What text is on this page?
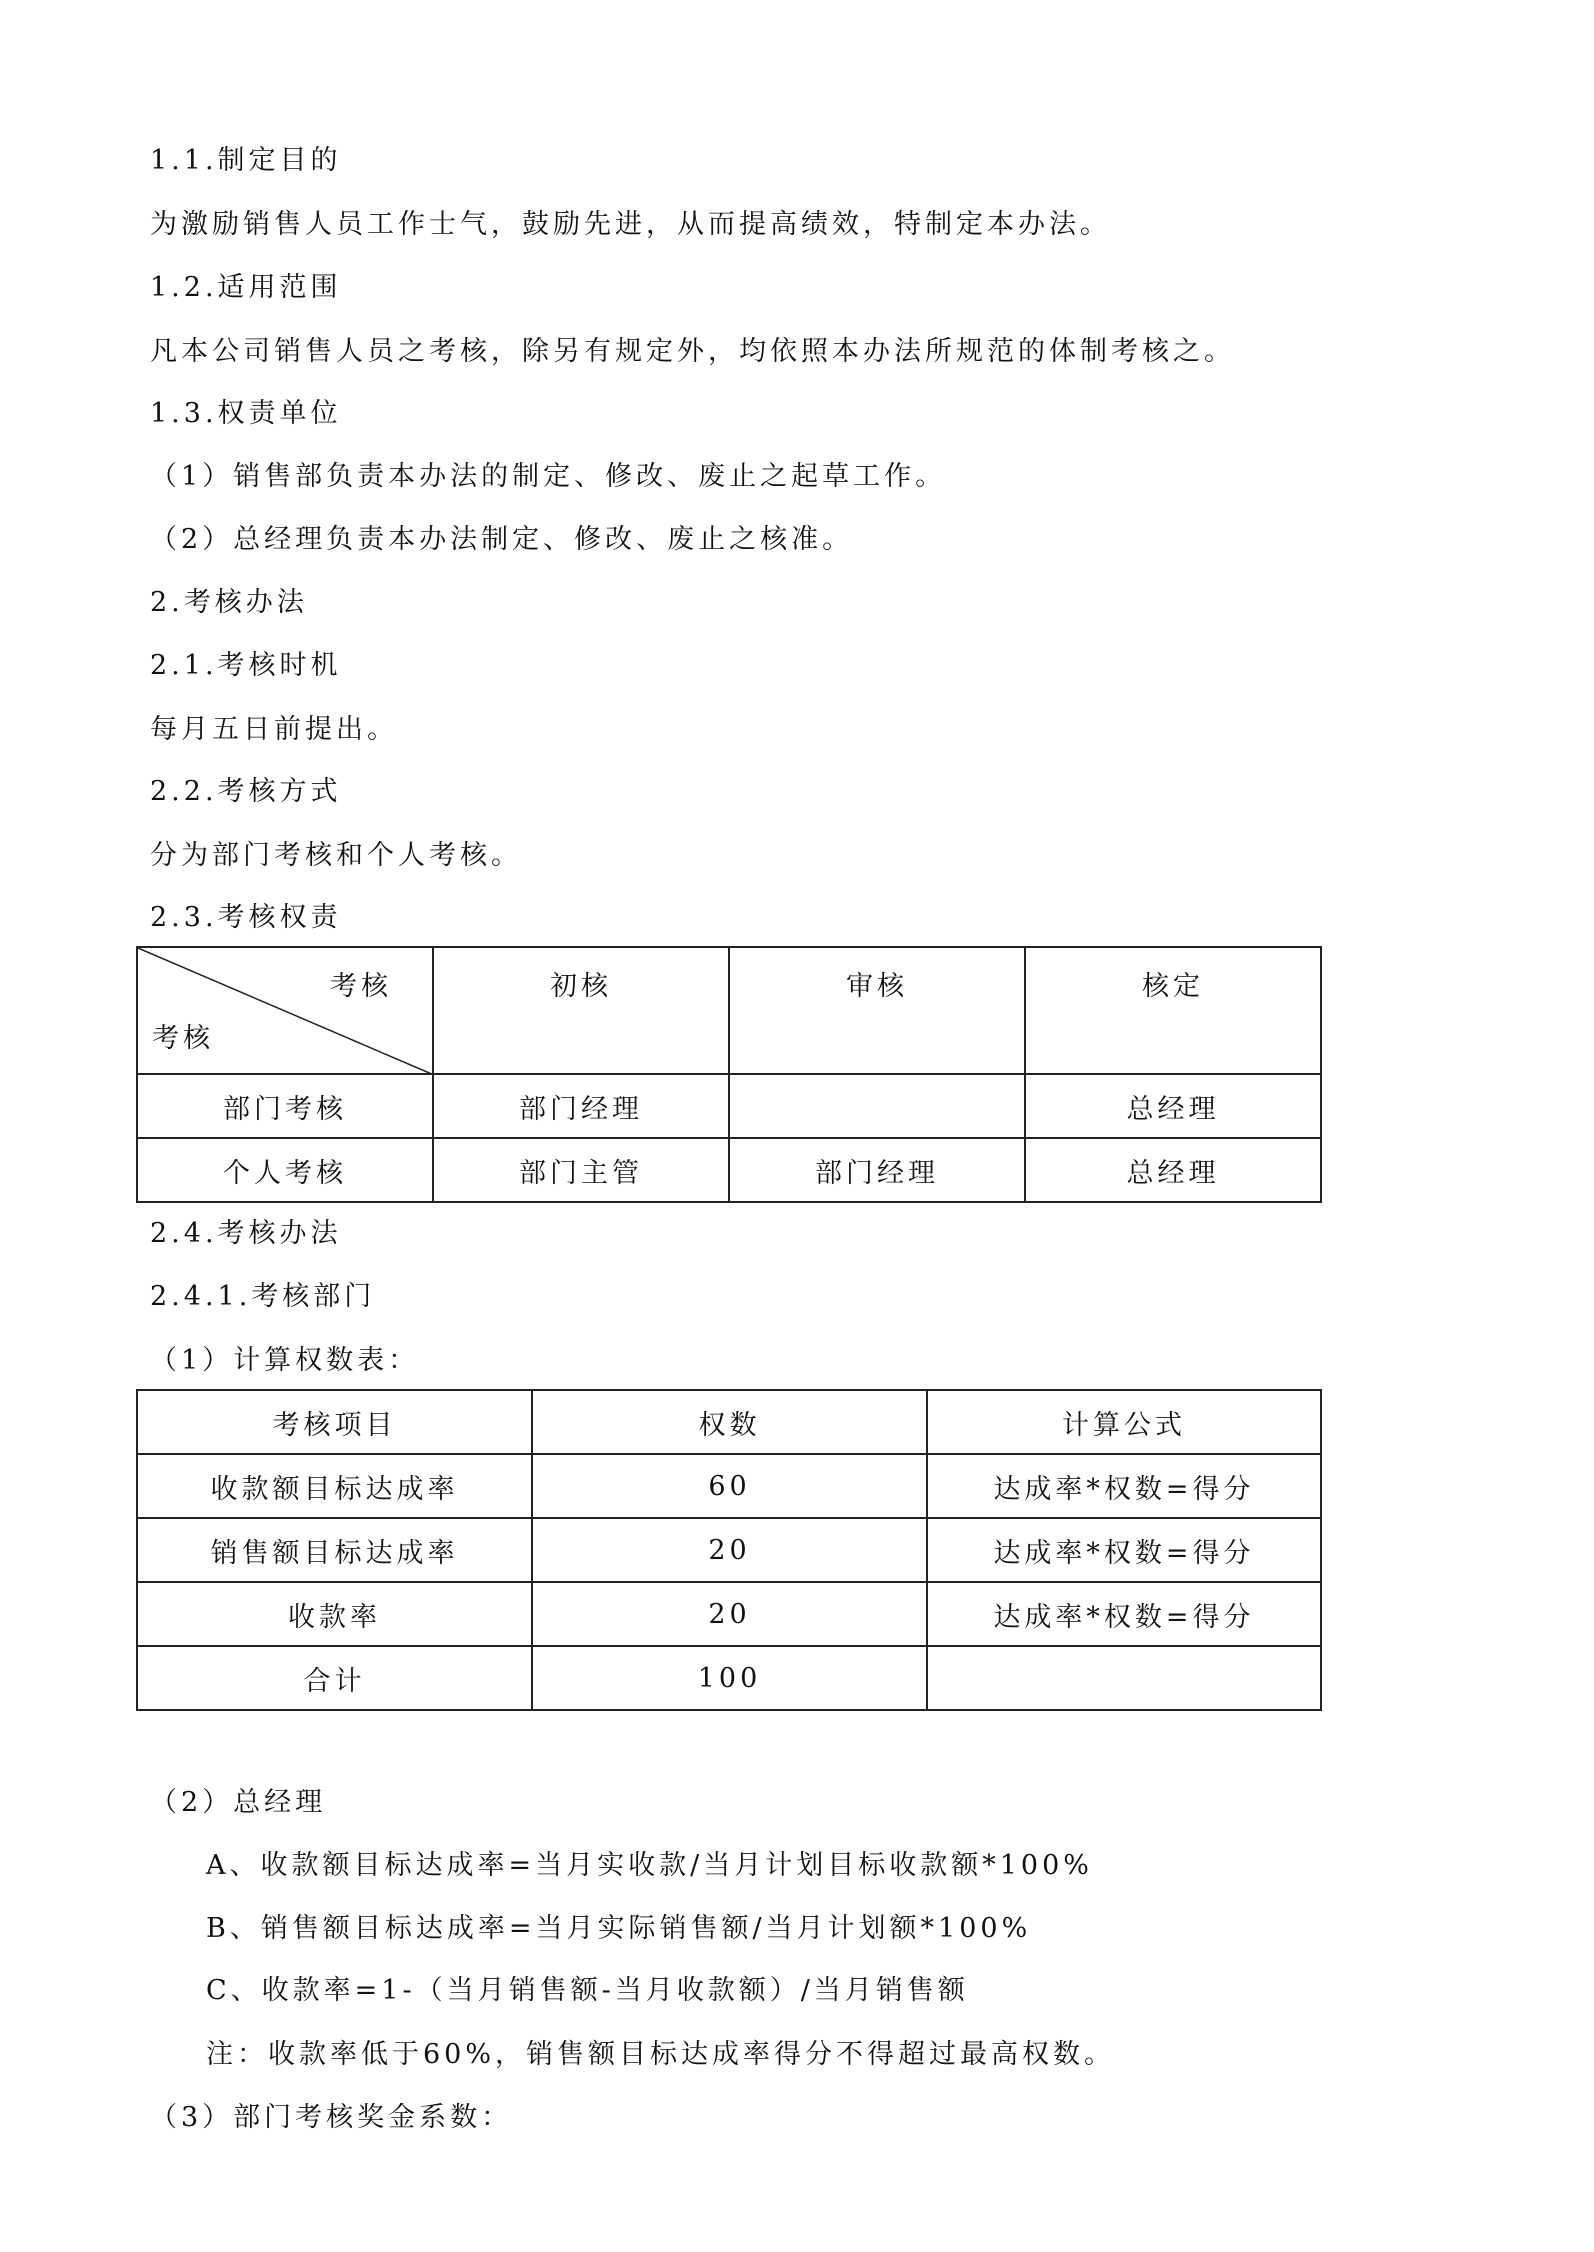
1.1.制定目的
为激励销售人员工作士气，鼓励先进，从而提高绩效，特制定本办法。
1.2.适用范围
凡本公司销售人员之考核，除另有规定外，均依照本办法所规范的体制考核之。
1.3.权责单位
（1）销售部负责本办法的制定、修改、废止之起草工作。
（2）总经理负责本办法制定、修改、废止之核准。
2.考核办法
2.1.考核时机
每月五日前提出。
2.2.考核方式
分为部门考核和个人考核。
2.3.考核权责
考核
考核	初核	审核	核定
部门考核	部门经理		总经理
个人考核	部门主管	部门经理	总经理
2.4.考核办法
2.4.1.考核部门
（1）计算权数表：
考核项目	权数	计算公式
收款额目标达成率	60	达成率*权数=得分
销售额目标达成率	20	达成率*权数=得分
收款率	20	达成率*权数=得分
合计	100	
（2）总经理
A、收款额目标达成率=当月实收款/当月计划目标收款额*100%
B、销售额目标达成率=当月实际销售额/当月计划额*100%
C、收款率=1-（当月销售额-当月收款额）/当月销售额
注：收款率低于60%，销售额目标达成率得分不得超过最高权数。
（3）部门考核奖金系数：
